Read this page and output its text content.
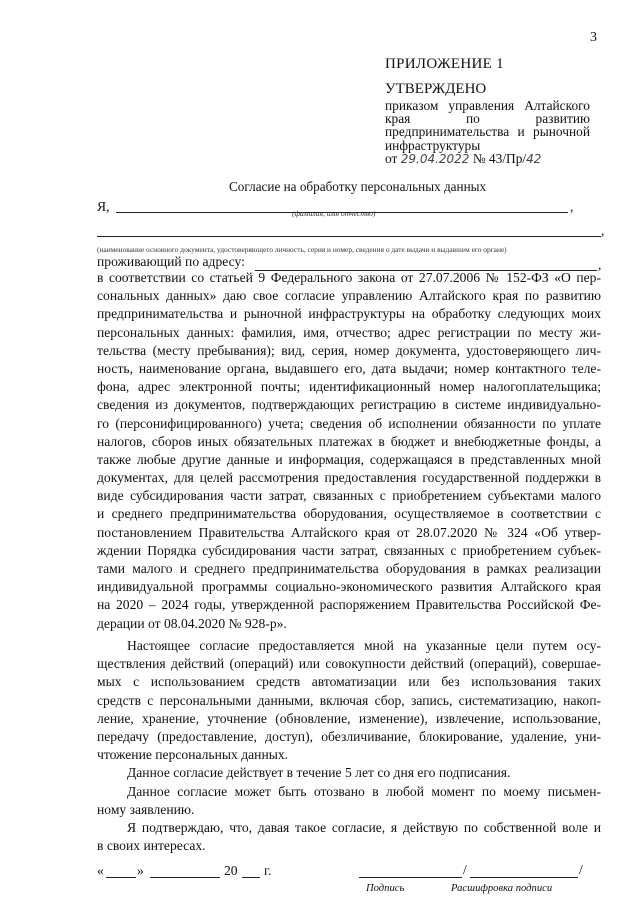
3
ПРИЛОЖЕНИЕ 1
УТВЕРЖДЕНО
приказом управления Алтайского края по развитию предпринимательства и рыночной инфраструктуры
от 29.04.2022 № 43/Пр/42
Согласие на обработку персональных данных
Я,	,
(фамилия, имя отчество)
,
(наименование основного документа, удостоверяющего личность, серия и номер, сведения о дате выдачи и выдавшем его органе)
проживающий по адресу:	,
в соответствии со статьей 9 Федерального закона от 27.07.2006 № 152-ФЗ «О пер-
сональных данных» даю свое согласие управлению Алтайского края по развитию
предпринимательства и рыночной инфраструктуры на обработку следующих моих
персональных данных: фамилия, имя, отчество; адрес регистрации по месту жи-
тельства (месту пребывания); вид, серия, номер документа, удостоверяющего лич-
ность, наименование органа, выдавшего его, дата выдачи; номер контактного теле-
фона, адрес электронной почты; идентификационный номер налогоплательщика;
сведения из документов, подтверждающих регистрацию в системе индивидуально-
го (персонифицированного) учета; сведения об исполнении обязанности по уплате
налогов, сборов иных обязательных платежах в бюджет и внебюджетные фонды, а
также любые другие данные и информация, содержащаяся в представленных мной
документах, для целей рассмотрения предоставления государственной поддержки в
виде субсидирования части затрат, связанных с приобретением субъектами малого
и среднего предпринимательства оборудования, осуществляемое в соответствии с
постановлением Правительства Алтайского края от 28.07.2020 № 324 «Об утвер-
ждении Порядка субсидирования части затрат, связанных с приобретением субъек-
тами малого и среднего предпринимательства оборудования в рамках реализации
индивидуальной программы социально-экономического развития Алтайского края
на 2020 – 2024 годы, утвержденной распоряжением Правительства Российской Фе-
дерации от 08.04.2020 № 928-р».
Настоящее согласие предоставляется мной на указанные цели путем осу-
ществления действий (операций) или совокупности действий (операций), совершае-
мых с использованием средств автоматизации или без использования таких
средств с персональными данными, включая сбор, запись, систематизацию, накоп-
ление, хранение, уточнение (обновление, изменение), извлечение, использование,
передачу (предоставление, доступ), обезличивание, блокирование, удаление, уни-
чтожение персональных данных.
Данное согласие действует в течение 5 лет со дня его подписания.
Данное согласие может быть отозвано в любой момент по моему письмен-
ному заявлению.
Я подтверждаю, что, давая такое согласие, я действую по собственной воле и
в своих интересах.
« »	20 г.	/	/
Подпись	Расшифровка подписи
